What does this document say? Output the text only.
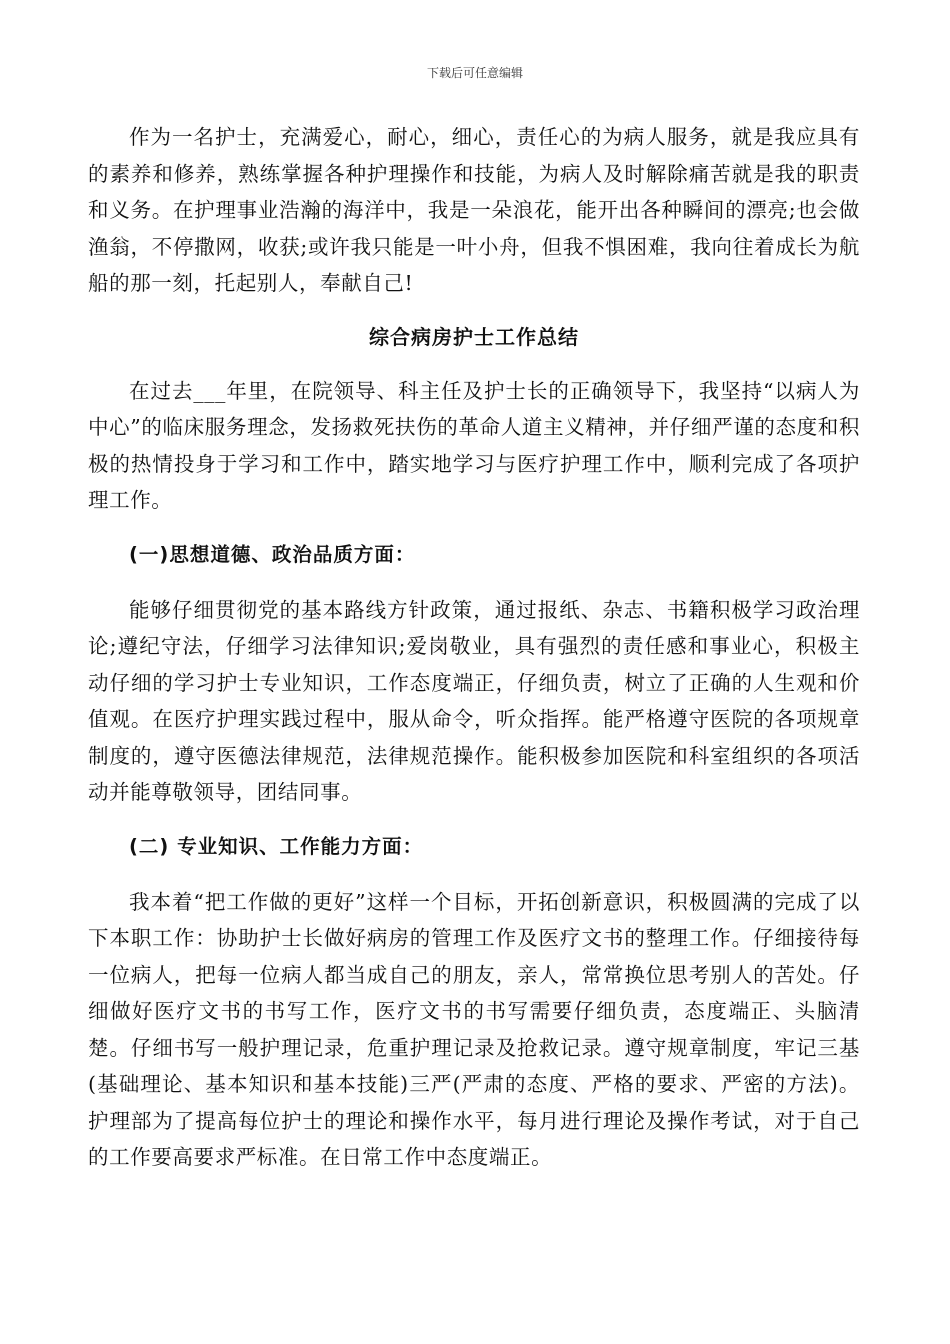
下载后可任意编辑

作为一名护士，充满爱心，耐心，细心，责任心的为病人服务，就是我应具有的素养和修养，熟练掌握各种护理操作和技能，为病人及时解除痛苦就是我的职责和义务。在护理事业浩瀚的海洋中，我是一朵浪花，能开出各种瞬间的漂亮;也会做渔翁，不停撒网，收获;或许我只能是一叶小舟，但我不惧困难，我向往着成长为航船的那一刻，托起别人，奉献自己!

综合病房护士工作总结

在过去___年里，在院领导、科主任及护士长的正确领导下，我坚持“以病人为中心”的临床服务理念，发扬救死扶伤的革命人道主义精神，并仔细严谨的态度和积极的热情投身于学习和工作中，踏实地学习与医疗护理工作中，顺利完成了各项护理工作。

(一)思想道德、政治品质方面：

能够仔细贯彻党的基本路线方针政策，通过报纸、杂志、书籍积极学习政治理论;遵纪守法，仔细学习法律知识;爱岗敬业，具有强烈的责任感和事业心，积极主动仔细的学习护士专业知识，工作态度端正，仔细负责，树立了正确的人生观和价值观。在医疗护理实践过程中，服从命令，听众指挥。能严格遵守医院的各项规章制度的，遵守医德法律规范，法律规范操作。能积极参加医院和科室组织的各项活动并能尊敬领导，团结同事。

(二) 专业知识、工作能力方面：

我本着“把工作做的更好”这样一个目标，开拓创新意识，积极圆满的完成了以下本职工作：协助护士长做好病房的管理工作及医疗文书的整理工作。仔细接待每一位病人，把每一位病人都当成自己的朋友，亲人，常常换位思考别人的苦处。仔细做好医疗文书的书写工作，医疗文书的书写需要仔细负责，态度端正、头脑清楚。仔细书写一般护理记录，危重护理记录及抢救记录。遵守规章制度，牢记三基(基础理论、基本知识和基本技能)三严(严肃的态度、严格的要求、严密的方法)。护理部为了提高每位护士的理论和操作水平，每月进行理论及操作考试，对于自己的工作要高要求严标准。在日常工作中态度端正。
